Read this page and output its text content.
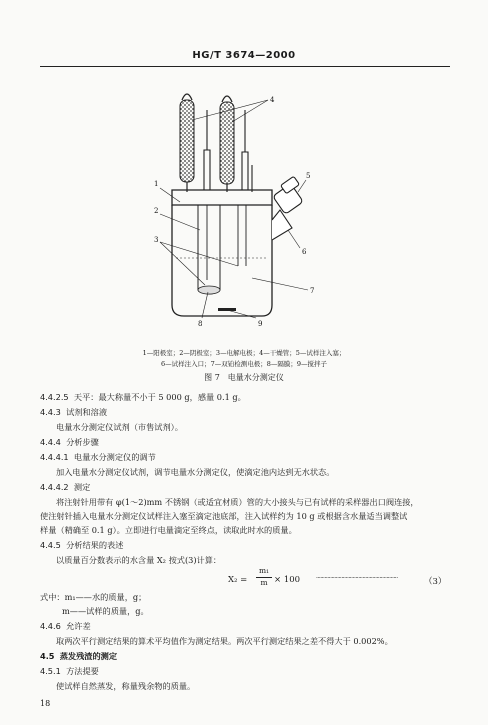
HG/T 3674—2000
1
2
3
4
5
6
7
8	9
1—阳极室；2—阴极室；3—电解电极；4—干燥管；5—试样注入塞；
6—试样注入口；7—双铂检测电极；8—隔膜；9—搅拌子
图 7　电量水分测定仪
4.4.2.5 天平：最大称量不小于 5 000 g，感量 0.1 g。
4.4.3 试剂和溶液
电量水分测定仪试剂（市售试剂）。
4.4.4 分析步骤
4.4.4.1 电量水分测定仪的调节
加入电量水分测定仪试剂，调节电量水分测定仪，使滴定池内达到无水状态。
4.4.4.2 测定
将注射针用带有 φ(1～2)mm 不锈钢（或适宜材质）管的大小接头与已有试样的采样器出口阀连接，
使注射针插入电量水分测定仪试样注入塞至滴定池底部，注入试样约为 10 g 或根据含水量适当调整试
样量（精确至 0.1 g）。立即进行电量滴定至终点，读取此时水的质量。
4.4.5 分析结果的表述
以质量百分数表示的水含量 X₂ 按式(3)计算：
X₂ =
m₁
m × 100	··························································	（3）
式中：m₁——水的质量，g；
m——试样的质量，g。
4.4.6 允许差
取两次平行测定结果的算术平均值作为测定结果。两次平行测定结果之差不得大于 0.002%。
4.5 蒸发残渣的测定
4.5.1 方法提要
使试样自然蒸发，称量残余物的质量。
18
